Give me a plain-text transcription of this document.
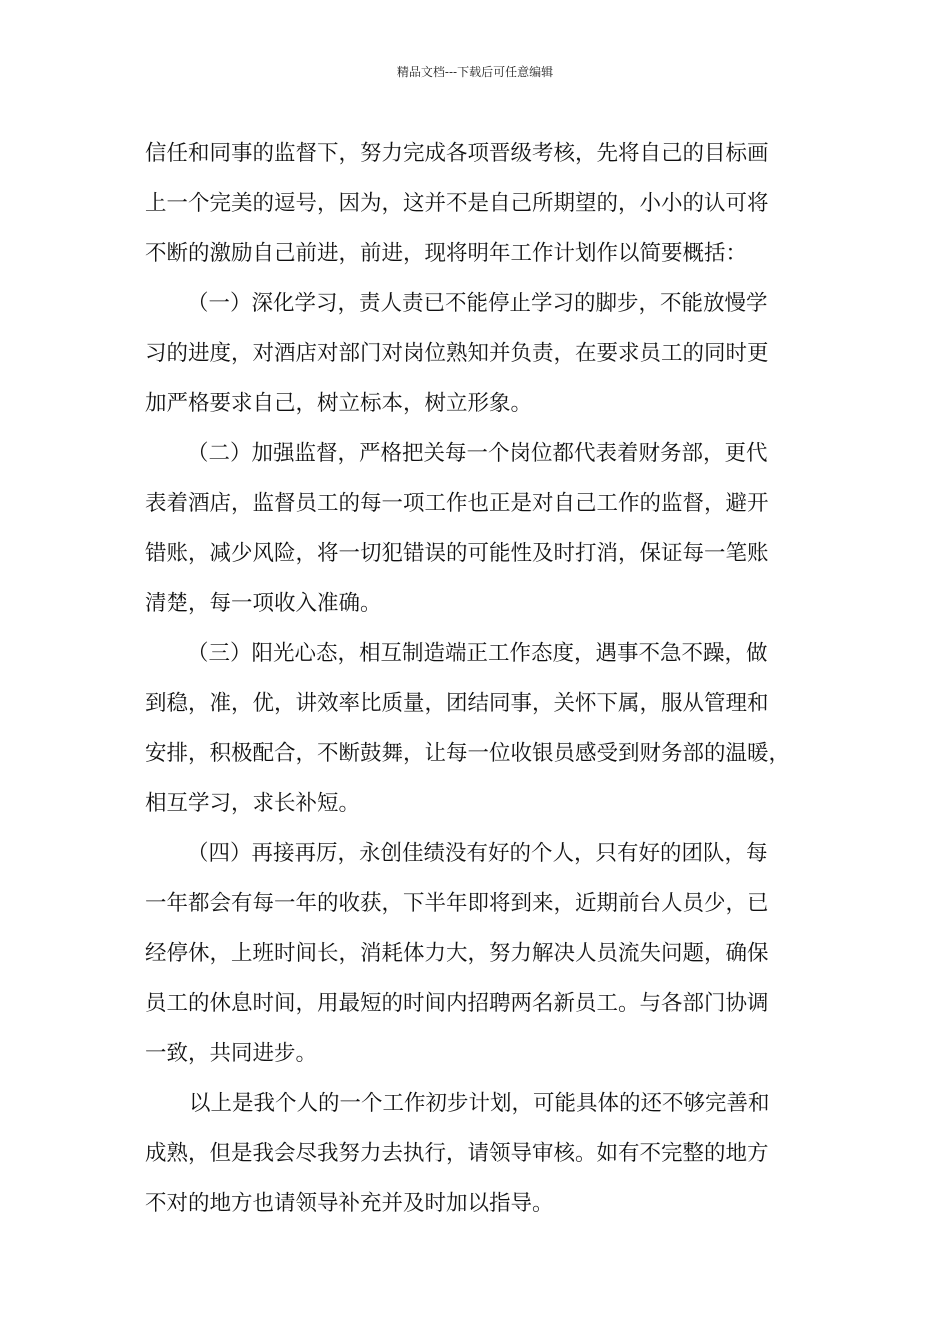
精品文档---下载后可任意编辑
信任和同事的监督下，努力完成各项晋级考核，先将自己的目标画
上一个完美的逗号，因为，这并不是自己所期望的，小小的认可将
不断的激励自己前进，前进，现将明年工作计划作以简要概括：
（一）深化学习，责人责已不能停止学习的脚步，不能放慢学
习的进度，对酒店对部门对岗位熟知并负责，在要求员工的同时更
加严格要求自己，树立标本，树立形象。
（二）加强监督，严格把关每一个岗位都代表着财务部，更代
表着酒店，监督员工的每一项工作也正是对自己工作的监督，避开
错账，减少风险，将一切犯错误的可能性及时打消，保证每一笔账
清楚，每一项收入准确。
（三）阳光心态，相互制造端正工作态度，遇事不急不躁，做
到稳，准，优，讲效率比质量，团结同事，关怀下属，服从管理和
安排，积极配合，不断鼓舞，让每一位收银员感受到财务部的温暖，
相互学习，求长补短。
（四）再接再厉，永创佳绩没有好的个人，只有好的团队，每
一年都会有每一年的收获，下半年即将到来，近期前台人员少，已
经停休，上班时间长，消耗体力大，努力解决人员流失问题，确保
员工的休息时间，用最短的时间内招聘两名新员工。与各部门协调
一致，共同进步。
以上是我个人的一个工作初步计划，可能具体的还不够完善和
成熟，但是我会尽我努力去执行，请领导审核。如有不完整的地方
不对的地方也请领导补充并及时加以指导。
